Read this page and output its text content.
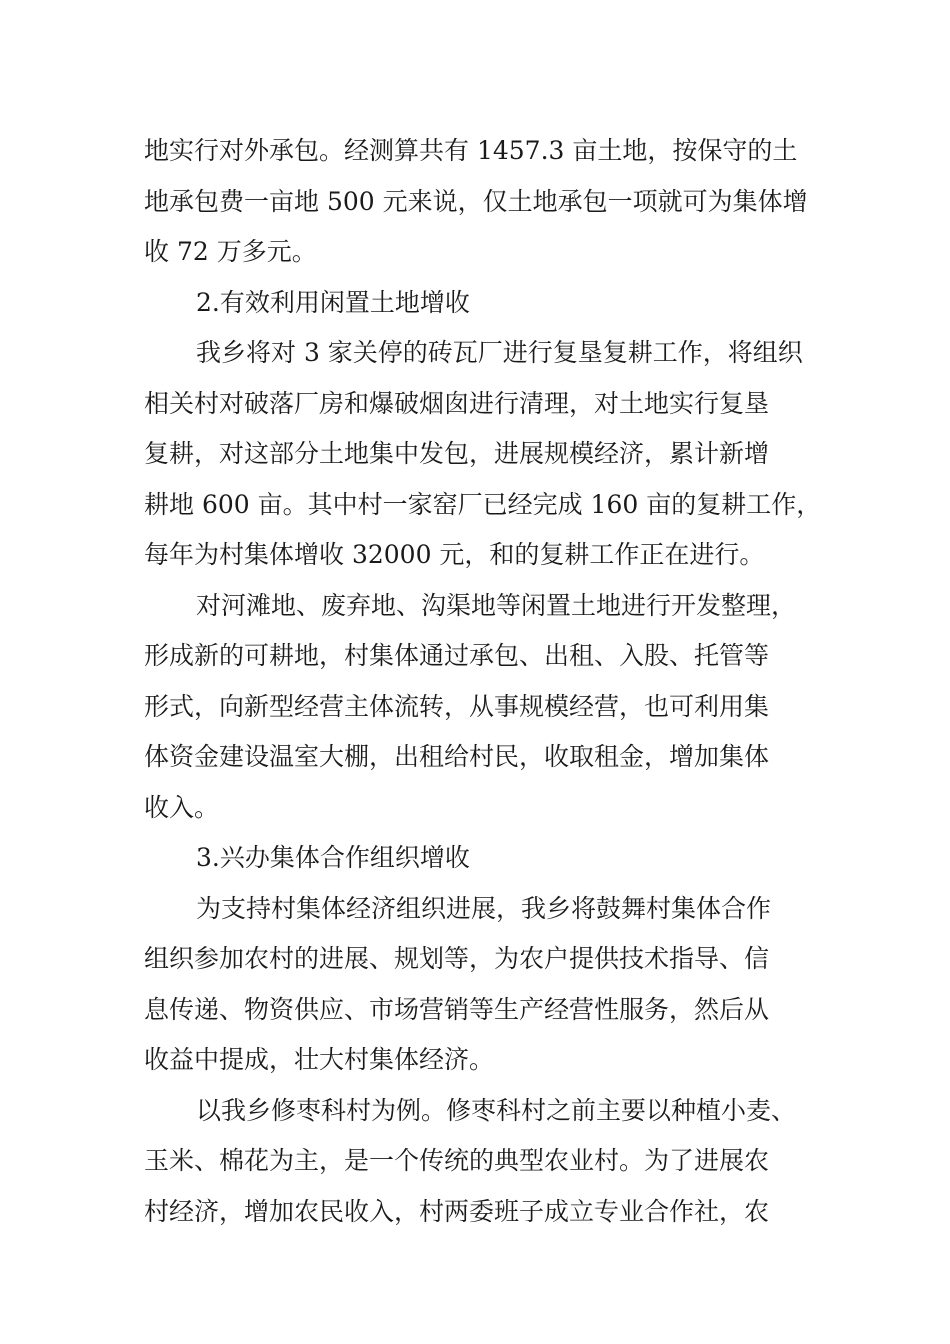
地实行对外承包。经测算共有 1457.3 亩土地，按保守的土
地承包费一亩地 500 元来说，仅土地承包一项就可为集体增
收 72 万多元。
2.有效利用闲置土地增收
我乡将对 3 家关停的砖瓦厂进行复垦复耕工作，将组织
相关村对破落厂房和爆破烟囱进行清理，对土地实行复垦
复耕，对这部分土地集中发包，进展规模经济，累计新增
耕地 600 亩。其中村一家窑厂已经完成 160 亩的复耕工作，
每年为村集体增收 32000 元，和的复耕工作正在进行。
对河滩地、废弃地、沟渠地等闲置土地进行开发整理，
形成新的可耕地，村集体通过承包、出租、入股、托管等
形式，向新型经营主体流转，从事规模经营，也可利用集
体资金建设温室大棚，出租给村民，收取租金，增加集体
收入。
3.兴办集体合作组织增收
为支持村集体经济组织进展，我乡将鼓舞村集体合作
组织参加农村的进展、规划等，为农户提供技术指导、信
息传递、物资供应、市场营销等生产经营性服务，然后从
收益中提成，壮大村集体经济。
以我乡修枣科村为例。修枣科村之前主要以种植小麦、
玉米、棉花为主，是一个传统的典型农业村。为了进展农
村经济，增加农民收入，村两委班子成立专业合作社，农
